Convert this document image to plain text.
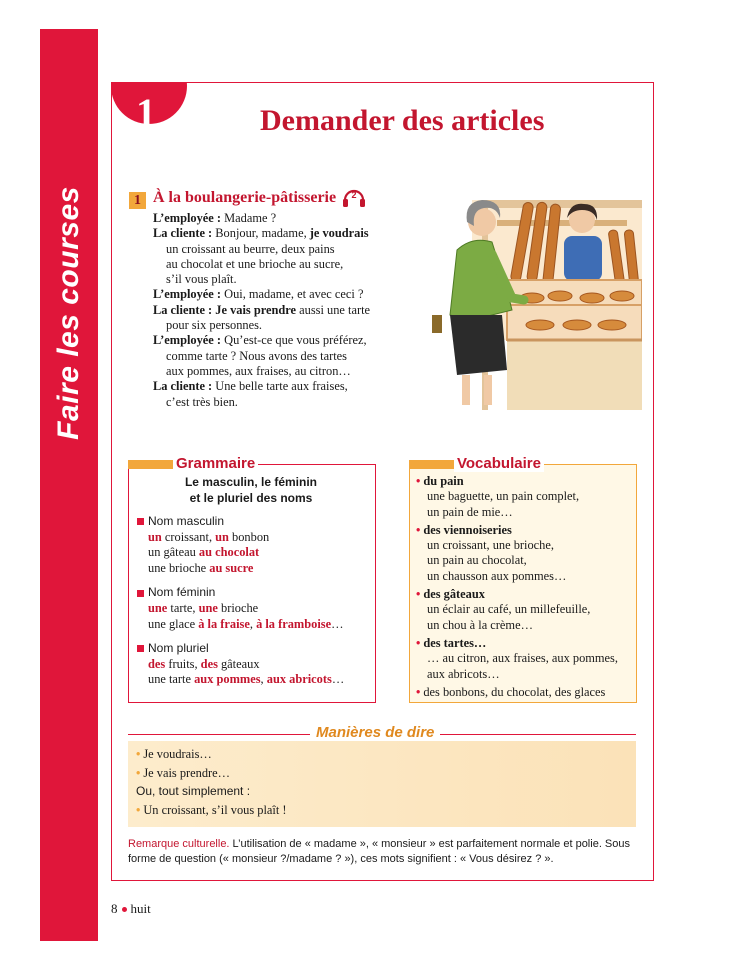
Faire les courses
1	Demander des articles
1 À la boulangerie-pâtisserie 2

L’employée : Madame ?

La cliente : Bonjour, madame, je voudrais

un croissant au beurre, deux pains

au chocolat et une brioche au sucre,

s’il vous plaît.

L’employée : Oui, madame, et avec ceci ?

La cliente : Je vais prendre aussi une tarte

pour six personnes.

L’employée : Qu’est-ce que vous préférez,

comme tarte ? Nous avons des tartes

aux pommes, aux fraises, au citron…

La cliente : Une belle tarte aux fraises,

c’est très bien.

Grammaire
Le masculin, le féminin
et le pluriel des noms
Nom masculin
un croissant, un bonbon
un gâteau au chocolat
une brioche au sucre
Nom féminin
une tarte, une brioche
une glace à la fraise, à la framboise…
Nom pluriel
des fruits, des gâteaux
une tarte aux pommes, aux abricots…
Vocabulaire
• du pain
une baguette, un pain complet,
un pain de mie…
• des viennoiseries
un croissant, une brioche,
un pain au chocolat,
un chausson aux pommes…
• des gâteaux
un éclair au café, un millefeuille,
un chou à la crème…
• des tartes…
… au citron, aux fraises, aux pommes,
aux abricots…
• des bonbons, du chocolat, des glaces
Manières de dire
• Je voudrais…
• Je vais prendre…
Ou, tout simplement :
• Un croissant, s’il vous plaît !
Remarque culturelle. L’utilisation de « madame », « monsieur » est parfaitement normale et polie. Sous forme de question (« monsieur ?/madame ? »), ces mots signifient : « Vous désirez ? ».
8 huit
